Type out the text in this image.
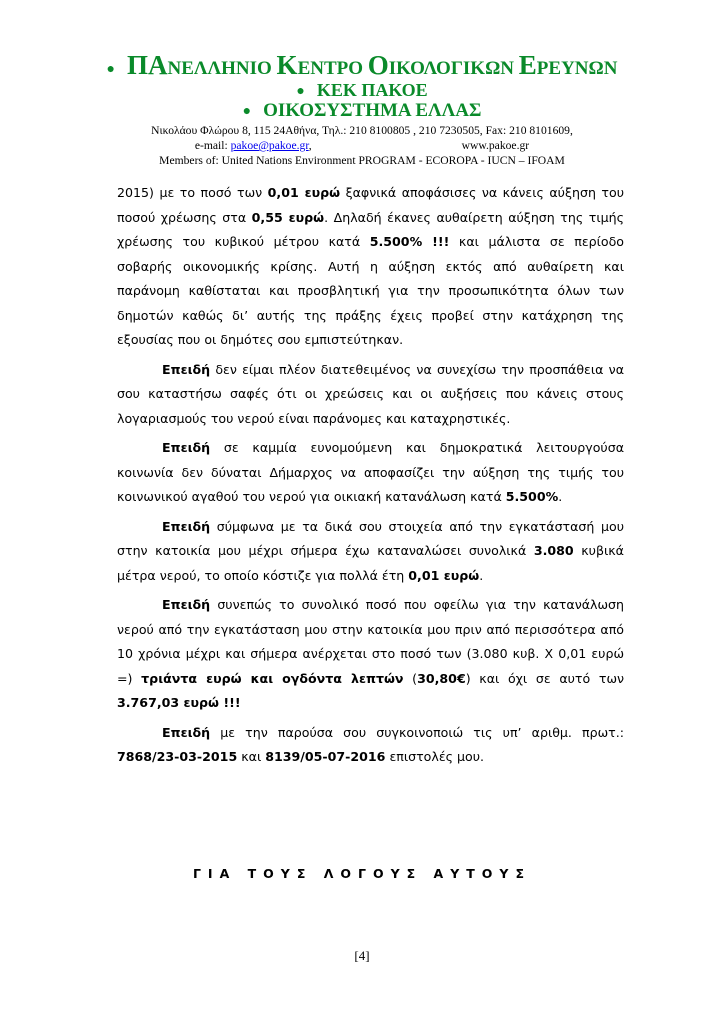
● ΠΑΝΕΛΛΗΝΙΟ ΚΕΝΤΡΟ ΟΙΚΟΛΟΓΙΚΩΝ ΕΡΕΥΝΩΝ
● ΚΕΚ ΠΑΚΟΕ
● ΟΙΚΟΣΥΣΤΗΜΑ ΕΛΛΑΣ
Νικολάου Φλώρου 8, 115 24Αθήνα, Τηλ.: 210 8100805 , 210 7230505, Fax: 210 8101609,
e-mail: pakoe@pakoe.gr,	www.pakoe.gr
Members of: United Nations Environment PROGRAM - ECOROPA - IUCN – IFOAM

2015) με το ποσό των 0,01 ευρώ ξαφνικά αποφάσισες να κάνεις αύξηση του ποσού χρέωσης στα 0,55 ευρώ. Δηλαδή έκανες αυθαίρετη αύξηση της τιμής χρέωσης του κυβικού μέτρου κατά 5.500% !!! και μάλιστα σε περίοδο σοβαρής οικονομικής κρίσης. Αυτή η αύξηση εκτός από αυθαίρετη και παράνομη καθίσταται και προσβλητική για την προσωπικότητα όλων των δημοτών καθώς δι’ αυτής της πράξης έχεις προβεί στην κατάχρηση της εξουσίας που οι δημότες σου εμπιστεύτηκαν.

Επειδή δεν είμαι πλέον διατεθειμένος να συνεχίσω την προσπάθεια να σου καταστήσω σαφές ότι οι χρεώσεις και οι αυξήσεις που κάνεις στους λογαριασμούς του νερού είναι παράνομες και καταχρηστικές.

Επειδή σε καμμία ευνομούμενη και δημοκρατικά λειτουργούσα κοινωνία δεν δύναται Δήμαρχος να αποφασίζει την αύξηση της τιμής του κοινωνικού αγαθού του νερού για οικιακή κατανάλωση κατά 5.500%.

Επειδή σύμφωνα με τα δικά σου στοιχεία από την εγκατάστασή μου στην κατοικία μου μέχρι σήμερα έχω καταναλώσει συνολικά 3.080 κυβικά μέτρα νερού, το οποίο κόστιζε για πολλά έτη 0,01 ευρώ.

Επειδή συνεπώς το συνολικό ποσό που οφείλω για την κατανάλωση νερού από την εγκατάσταση μου στην κατοικία μου πριν από περισσότερα από 10 χρόνια μέχρι και σήμερα ανέρχεται στο ποσό των (3.080 κυβ. Χ 0,01 ευρώ =) τριάντα ευρώ και ογδόντα λεπτών (30,80€) και όχι σε αυτό των 3.767,03 ευρώ !!!

Επειδή με την παρούσα σου συγκοινοποιώ τις υπ’ αριθμ. πρωτ.: 7868/23-03-2015 και 8139/05-07-2016 επιστολές μου.

ΓΙΑ ΤΟΥΣ ΛΟΓΟΥΣ ΑΥΤΟΥΣ
[4]
